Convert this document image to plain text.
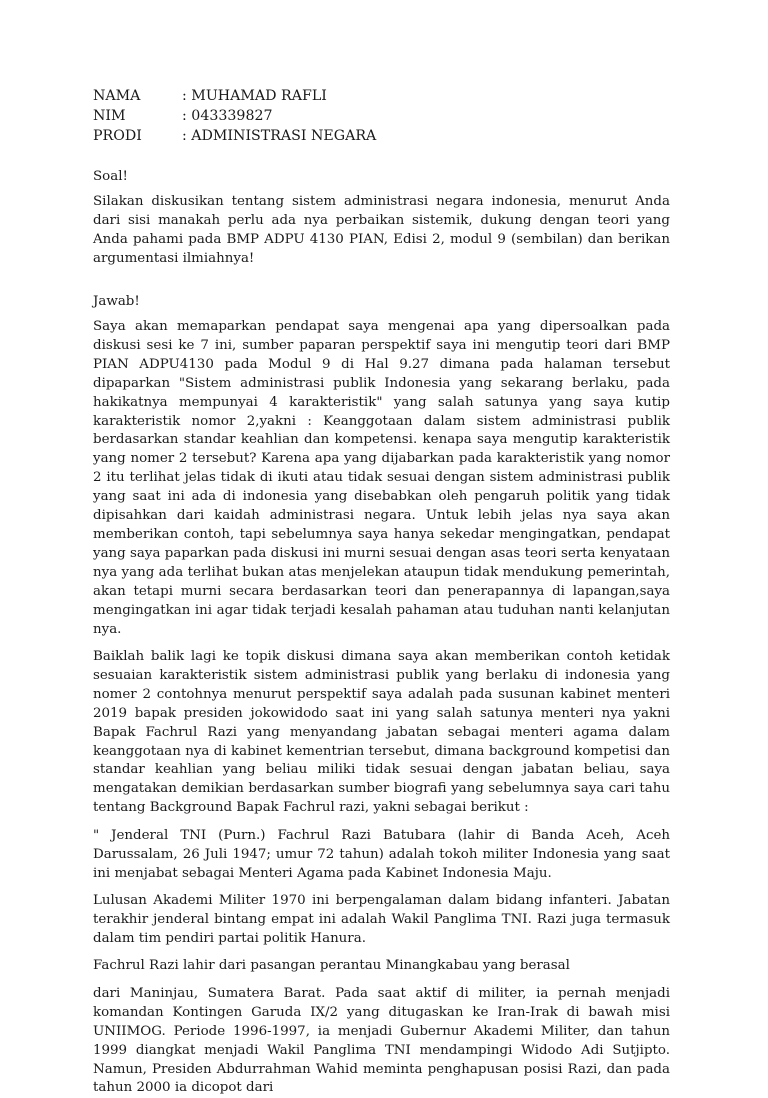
NAMA	: MUHAMAD RAFLI
NIM	: 043339827
PRODI	: ADMINISTRASI NEGARA

Soal!

Silakan diskusikan tentang sistem administrasi negara indonesia, menurut Anda dari sisi manakah perlu ada nya perbaikan sistemik, dukung dengan teori yang Anda pahami pada BMP ADPU 4130 PIAN, Edisi 2, modul 9 (sembilan) dan berikan argumentasi ilmiahnya!

Jawab!

Saya akan memaparkan pendapat saya mengenai apa yang dipersoalkan pada diskusi sesi ke 7 ini, sumber paparan perspektif saya ini mengutip teori dari BMP PIAN ADPU4130 pada Modul 9 di Hal 9.27 dimana pada halaman tersebut dipaparkan "Sistem administrasi publik Indonesia yang sekarang berlaku, pada hakikatnya mempunyai 4 karakteristik" yang salah satunya yang saya kutip karakteristik nomor 2,yakni : Keanggotaan dalam sistem administrasi publik berdasarkan standar keahlian dan kompetensi. kenapa saya mengutip karakteristik yang nomer 2 tersebut? Karena apa yang dijabarkan pada karakteristik yang nomor 2 itu terlihat jelas tidak di ikuti atau tidak sesuai dengan sistem administrasi publik yang saat ini ada di indonesia yang disebabkan oleh pengaruh politik yang tidak dipisahkan dari kaidah administrasi negara. Untuk lebih jelas nya saya akan memberikan contoh, tapi sebelumnya saya hanya sekedar mengingatkan, pendapat yang saya paparkan pada diskusi ini murni sesuai dengan asas teori serta kenyataan nya yang ada terlihat bukan atas menjelekan ataupun tidak mendukung pemerintah, akan tetapi murni secara berdasarkan teori dan penerapannya di lapangan,saya mengingatkan ini agar tidak terjadi kesalah pahaman atau tuduhan nanti kelanjutan nya.

Baiklah balik lagi ke topik diskusi dimana saya akan memberikan contoh ketidak sesuaian karakteristik sistem administrasi publik yang berlaku di indonesia yang nomer 2 contohnya menurut perspektif saya adalah pada susunan kabinet menteri 2019 bapak presiden jokowidodo saat ini yang salah satunya menteri nya yakni Bapak Fachrul Razi yang menyandang jabatan sebagai menteri agama dalam keanggotaan nya di kabinet kementrian tersebut, dimana background kompetisi dan standar keahlian yang beliau miliki tidak sesuai dengan jabatan beliau, saya mengatakan demikian berdasarkan sumber biografi yang sebelumnya saya cari tahu tentang Background Bapak Fachrul razi, yakni sebagai berikut :

" Jenderal TNI (Purn.) Fachrul Razi Batubara (lahir di Banda Aceh, Aceh Darussalam, 26 Juli 1947; umur 72 tahun) adalah tokoh militer Indonesia yang saat ini menjabat sebagai Menteri Agama pada Kabinet Indonesia Maju.

Lulusan Akademi Militer 1970 ini berpengalaman dalam bidang infanteri. Jabatan terakhir jenderal bintang empat ini adalah Wakil Panglima TNI. Razi juga termasuk dalam tim pendiri partai politik Hanura.

Fachrul Razi lahir dari pasangan perantau Minangkabau yang berasal

dari Maninjau, Sumatera Barat. Pada saat aktif di militer, ia pernah menjadi komandan Kontingen Garuda IX/2 yang ditugaskan ke Iran-Irak di bawah misi UNIIMOG. Periode 1996-1997, ia menjadi Gubernur Akademi Militer, dan tahun 1999 diangkat menjadi Wakil Panglima TNI mendampingi Widodo Adi Sutjipto. Namun, Presiden Abdurrahman Wahid meminta penghapusan posisi Razi, dan pada tahun 2000 ia dicopot dari
